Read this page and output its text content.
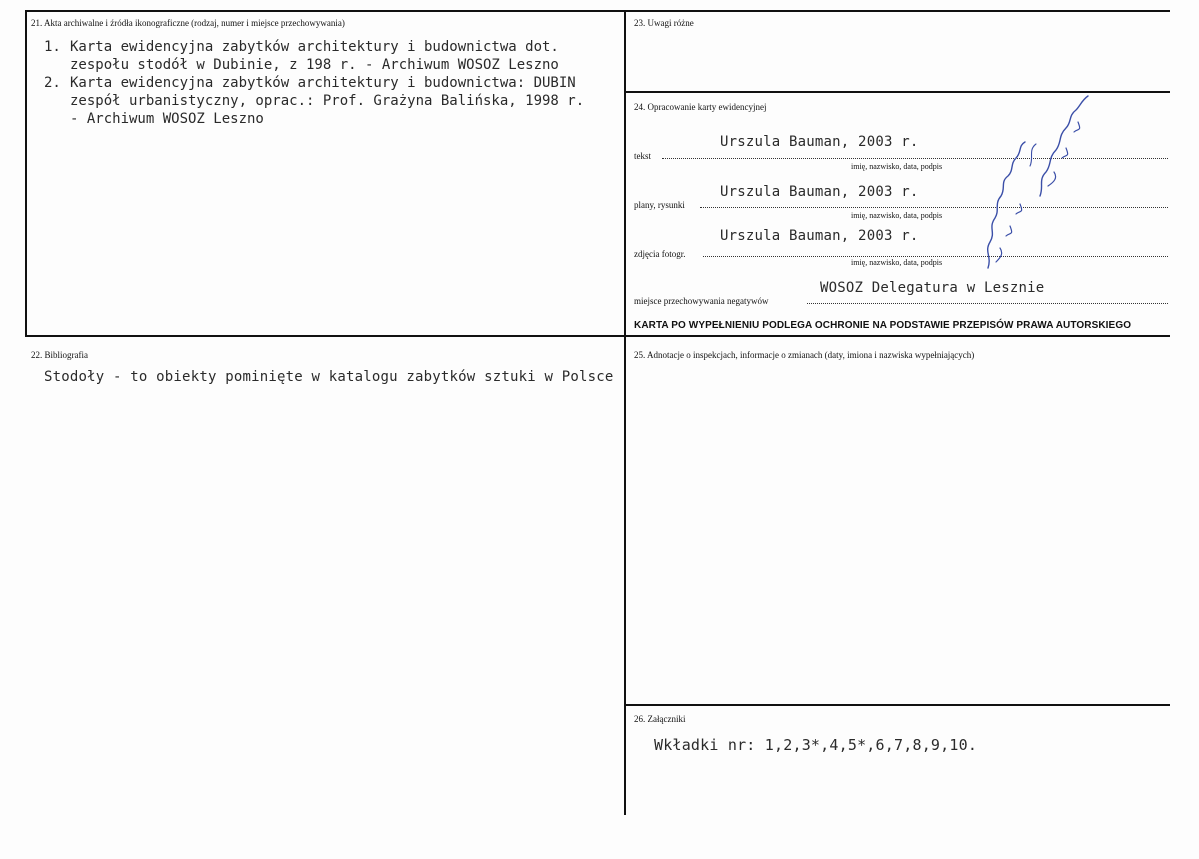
21. Akta archiwalne i źródła ikonograficzne (rodzaj, numer i miejsce przechowywania)
1. Karta ewidencyjna zabytków architektury i budownictwa dot.
zespołu stodół w Dubinie, z 198 r. - Archiwum WOSOZ Leszno
2. Karta ewidencyjna zabytków architektury i budownictwa: DUBIN
zespół urbanistyczny, oprac.: Prof. Grażyna Balińska, 1998 r.
- Archiwum WOSOZ Leszno
23. Uwagi różne
24. Opracowanie karty ewidencyjnej
Urszula Bauman, 2003 r.
tekst
imię, nazwisko, data, podpis
Urszula Bauman, 2003 r.
plany, rysunki
imię, nazwisko, data, podpis
Urszula Bauman, 2003 r.
zdjęcia fotogr.
imię, nazwisko, data, podpis
WOSOZ Delegatura w Lesznie
miejsce przechowywania negatywów
KARTA PO WYPEŁNIENIU PODLEGA OCHRONIE NA PODSTAWIE PRZEPISÓW PRAWA AUTORSKIEGO
22. Bibliografia
Stodoły - to obiekty pominięte w katalogu zabytków sztuki w Polsce
25. Adnotacje o inspekcjach, informacje o zmianach (daty, imiona i nazwiska wypełniających)
26. Załączniki
Wkładki nr: 1,2,3*,4,5*,6,7,8,9,10.
